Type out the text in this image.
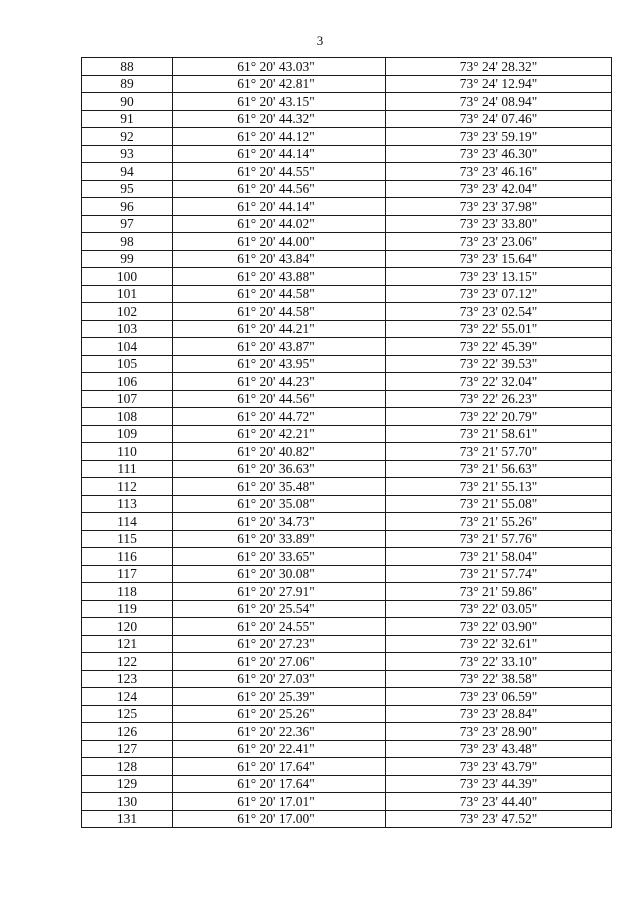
3
88	61° 20' 43.03"	73° 24' 28.32"
89	61° 20' 42.81"	73° 24' 12.94"
90	61° 20' 43.15"	73° 24' 08.94"
91	61° 20' 44.32"	73° 24' 07.46"
92	61° 20' 44.12"	73° 23' 59.19"
93	61° 20' 44.14"	73° 23' 46.30"
94	61° 20' 44.55"	73° 23' 46.16"
95	61° 20' 44.56"	73° 23' 42.04"
96	61° 20' 44.14"	73° 23' 37.98"
97	61° 20' 44.02"	73° 23' 33.80"
98	61° 20' 44.00"	73° 23' 23.06"
99	61° 20' 43.84"	73° 23' 15.64"
100	61° 20' 43.88"	73° 23' 13.15"
101	61° 20' 44.58"	73° 23' 07.12"
102	61° 20' 44.58"	73° 23' 02.54"
103	61° 20' 44.21"	73° 22' 55.01"
104	61° 20' 43.87"	73° 22' 45.39"
105	61° 20' 43.95"	73° 22' 39.53"
106	61° 20' 44.23"	73° 22' 32.04"
107	61° 20' 44.56"	73° 22' 26.23"
108	61° 20' 44.72"	73° 22' 20.79"
109	61° 20' 42.21"	73° 21' 58.61"
110	61° 20' 40.82"	73° 21' 57.70"
111	61° 20' 36.63"	73° 21' 56.63"
112	61° 20' 35.48"	73° 21' 55.13"
113	61° 20' 35.08"	73° 21' 55.08"
114	61° 20' 34.73"	73° 21' 55.26"
115	61° 20' 33.89"	73° 21' 57.76"
116	61° 20' 33.65"	73° 21' 58.04"
117	61° 20' 30.08"	73° 21' 57.74"
118	61° 20' 27.91"	73° 21' 59.86"
119	61° 20' 25.54"	73° 22' 03.05"
120	61° 20' 24.55"	73° 22' 03.90"
121	61° 20' 27.23"	73° 22' 32.61"
122	61° 20' 27.06"	73° 22' 33.10"
123	61° 20' 27.03"	73° 22' 38.58"
124	61° 20' 25.39"	73° 23' 06.59"
125	61° 20' 25.26"	73° 23' 28.84"
126	61° 20' 22.36"	73° 23' 28.90"
127	61° 20' 22.41"	73° 23' 43.48"
128	61° 20' 17.64"	73° 23' 43.79"
129	61° 20' 17.64"	73° 23' 44.39"
130	61° 20' 17.01"	73° 23' 44.40"
131	61° 20' 17.00"	73° 23' 47.52"
